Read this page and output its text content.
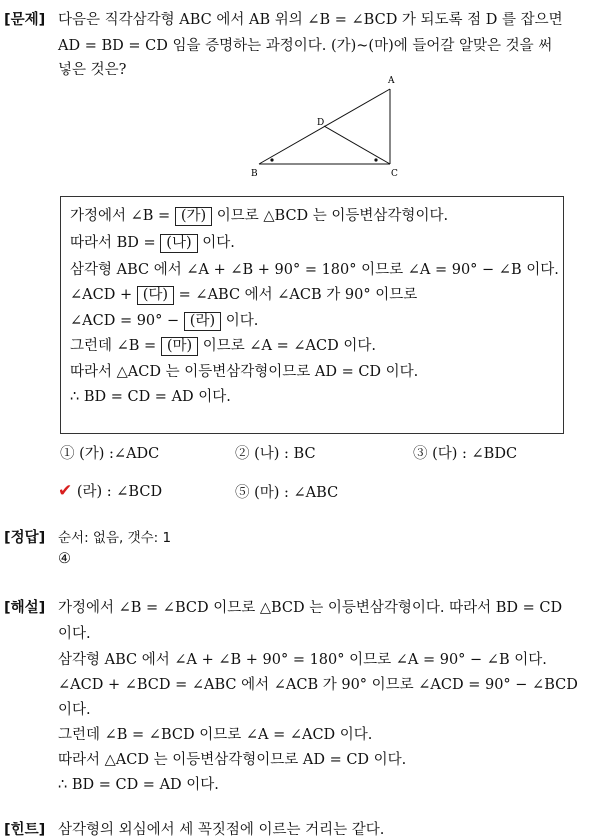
[문제] 다음은 직각삼각형 ABC 에서 AB 위의 ∠B = ∠BCD 가 되도록 점 D 를 잡으면
AD = BD = CD 임을 증명하는 과정이다. (가)~(마)에 들어갈 알맞은 것을 써
넣은 것은?
A
B	C
D
가정에서 ∠B = (가) 이므로 △BCD 는 이등변삼각형이다.
따라서 BD = (나) 이다.
삼각형 ABC 에서 ∠A + ∠B + 90° = 180° 이므로 ∠A = 90° − ∠B 이다.
∠ACD + (다) = ∠ABC 에서 ∠ACB 가 90° 이므로
∠ACD = 90° − (라) 이다.
그런데 ∠B = (마) 이므로 ∠A = ∠ACD 이다.
따라서 △ACD 는 이등변삼각형이므로 AD = CD 이다.
∴ BD = CD = AD 이다.
① (가) :∠ADC	② (나) : BC	③ (다) : ∠BDC
✔ (라) : ∠BCD	⑤ (마) : ∠ABC
[정답] 순서: 없음, 갯수: 1
④
[해설] 가정에서 ∠B = ∠BCD 이므로 △BCD 는 이등변삼각형이다. 따라서 BD = CD
이다.
삼각형 ABC 에서 ∠A + ∠B + 90° = 180° 이므로 ∠A = 90° − ∠B 이다.
∠ACD + ∠BCD = ∠ABC 에서 ∠ACB 가 90° 이므로 ∠ACD = 90° − ∠BCD
이다.
그런데 ∠B = ∠BCD 이므로 ∠A = ∠ACD 이다.
따라서 △ACD 는 이등변삼각형이므로 AD = CD 이다.
∴ BD = CD = AD 이다.
[힌트] 삼각형의 외심에서 세 꼭짓점에 이르는 거리는 같다.
